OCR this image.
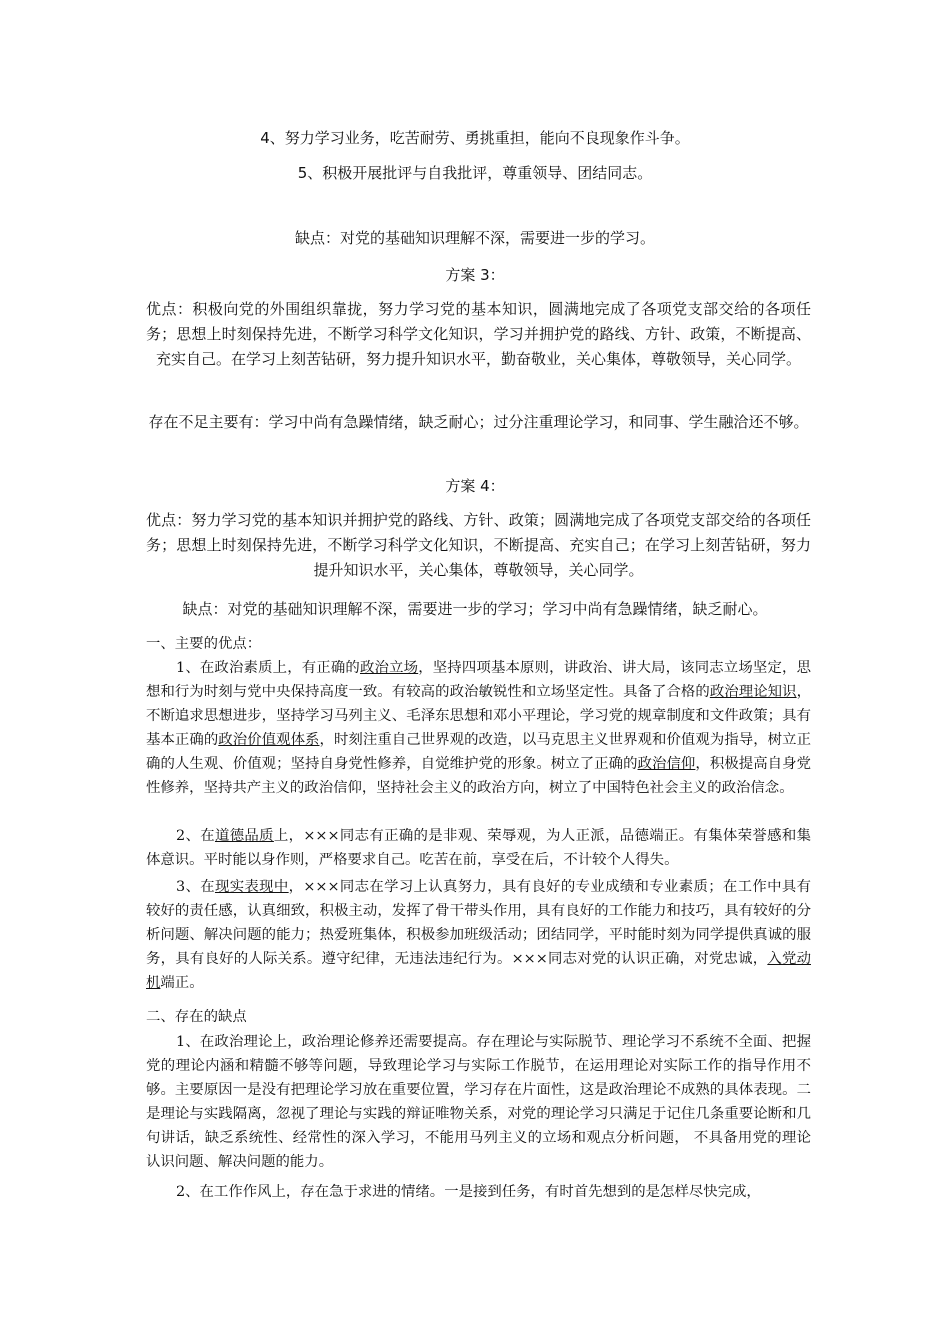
4、努力学习业务，吃苦耐劳、勇挑重担，能向不良现象作斗争。
5、积极开展批评与自我批评，尊重领导、团结同志。
缺点：对党的基础知识理解不深，需要进一步的学习。
方案 3：
优点：积极向党的外围组织靠拢，努力学习党的基本知识，圆满地完成了各项党支部交给的各项任务；思想上时刻保持先进，不断学习科学文化知识，学习并拥护党的路线、方针、政策，不断提高、充实自己。在学习上刻苦钻研，努力提升知识水平，勤奋敬业，关心集体，尊敬领导，关心同学。
存在不足主要有：学习中尚有急躁情绪，缺乏耐心；过分注重理论学习，和同事、学生融洽还不够。
方案 4：
优点：努力学习党的基本知识并拥护党的路线、方针、政策；圆满地完成了各项党支部交给的各项任务；思想上时刻保持先进，不断学习科学文化知识，不断提高、充实自己；在学习上刻苦钻研，努力提升知识水平，关心集体，尊敬领导，关心同学。
缺点：对党的基础知识理解不深，需要进一步的学习；学习中尚有急躁情绪，缺乏耐心。
一、主要的优点：
1、在政治素质上，有正确的政治立场，坚持四项基本原则，讲政治、讲大局，该同志立场坚定，思想和行为时刻与党中央保持高度一致。有较高的政治敏锐性和立场坚定性。具备了合格的政治理论知识，不断追求思想进步，坚持学习马列主义、毛泽东思想和邓小平理论，学习党的规章制度和文件政策；具有基本正确的政治价值观体系，时刻注重自己世界观的改造，以马克思主义世界观和价值观为指导，树立正确的人生观、价值观；坚持自身党性修养，自觉维护党的形象。树立了正确的政治信仰，积极提高自身党性修养，坚持共产主义的政治信仰，坚持社会主义的政治方向，树立了中国特色社会主义的政治信念。
2、在道德品质上，×××同志有正确的是非观、荣辱观，为人正派，品德端正。有集体荣誉感和集体意识。平时能以身作则，严格要求自己。吃苦在前，享受在后，不计较个人得失。
3、在现实表现中，×××同志在学习上认真努力，具有良好的专业成绩和专业素质；在工作中具有较好的责任感，认真细致，积极主动，发挥了骨干带头作用，具有良好的工作能力和技巧，具有较好的分析问题、解决问题的能力；热爱班集体，积极参加班级活动；团结同学，平时能时刻为同学提供真诚的服务，具有良好的人际关系。遵守纪律，无违法违纪行为。×××同志对党的认识正确，对党忠诚，入党动机端正。
二、存在的缺点
1、在政治理论上，政治理论修养还需要提高。存在理论与实际脱节、理论学习不系统不全面、把握党的理论内涵和精髓不够等问题，导致理论学习与实际工作脱节，在运用理论对实际工作的指导作用不够。主要原因一是没有把理论学习放在重要位置，学习存在片面性，这是政治理论不成熟的具体表现。二是理论与实践隔离，忽视了理论与实践的辩证唯物关系，对党的理论学习只满足于记住几条重要论断和几句讲话，缺乏系统性、经常性的深入学习，不能用马列主义的立场和观点分析问题， 不具备用党的理论认识问题、解决问题的能力。
2、在工作作风上，存在急于求进的情绪。一是接到任务，有时首先想到的是怎样尽快完成，
